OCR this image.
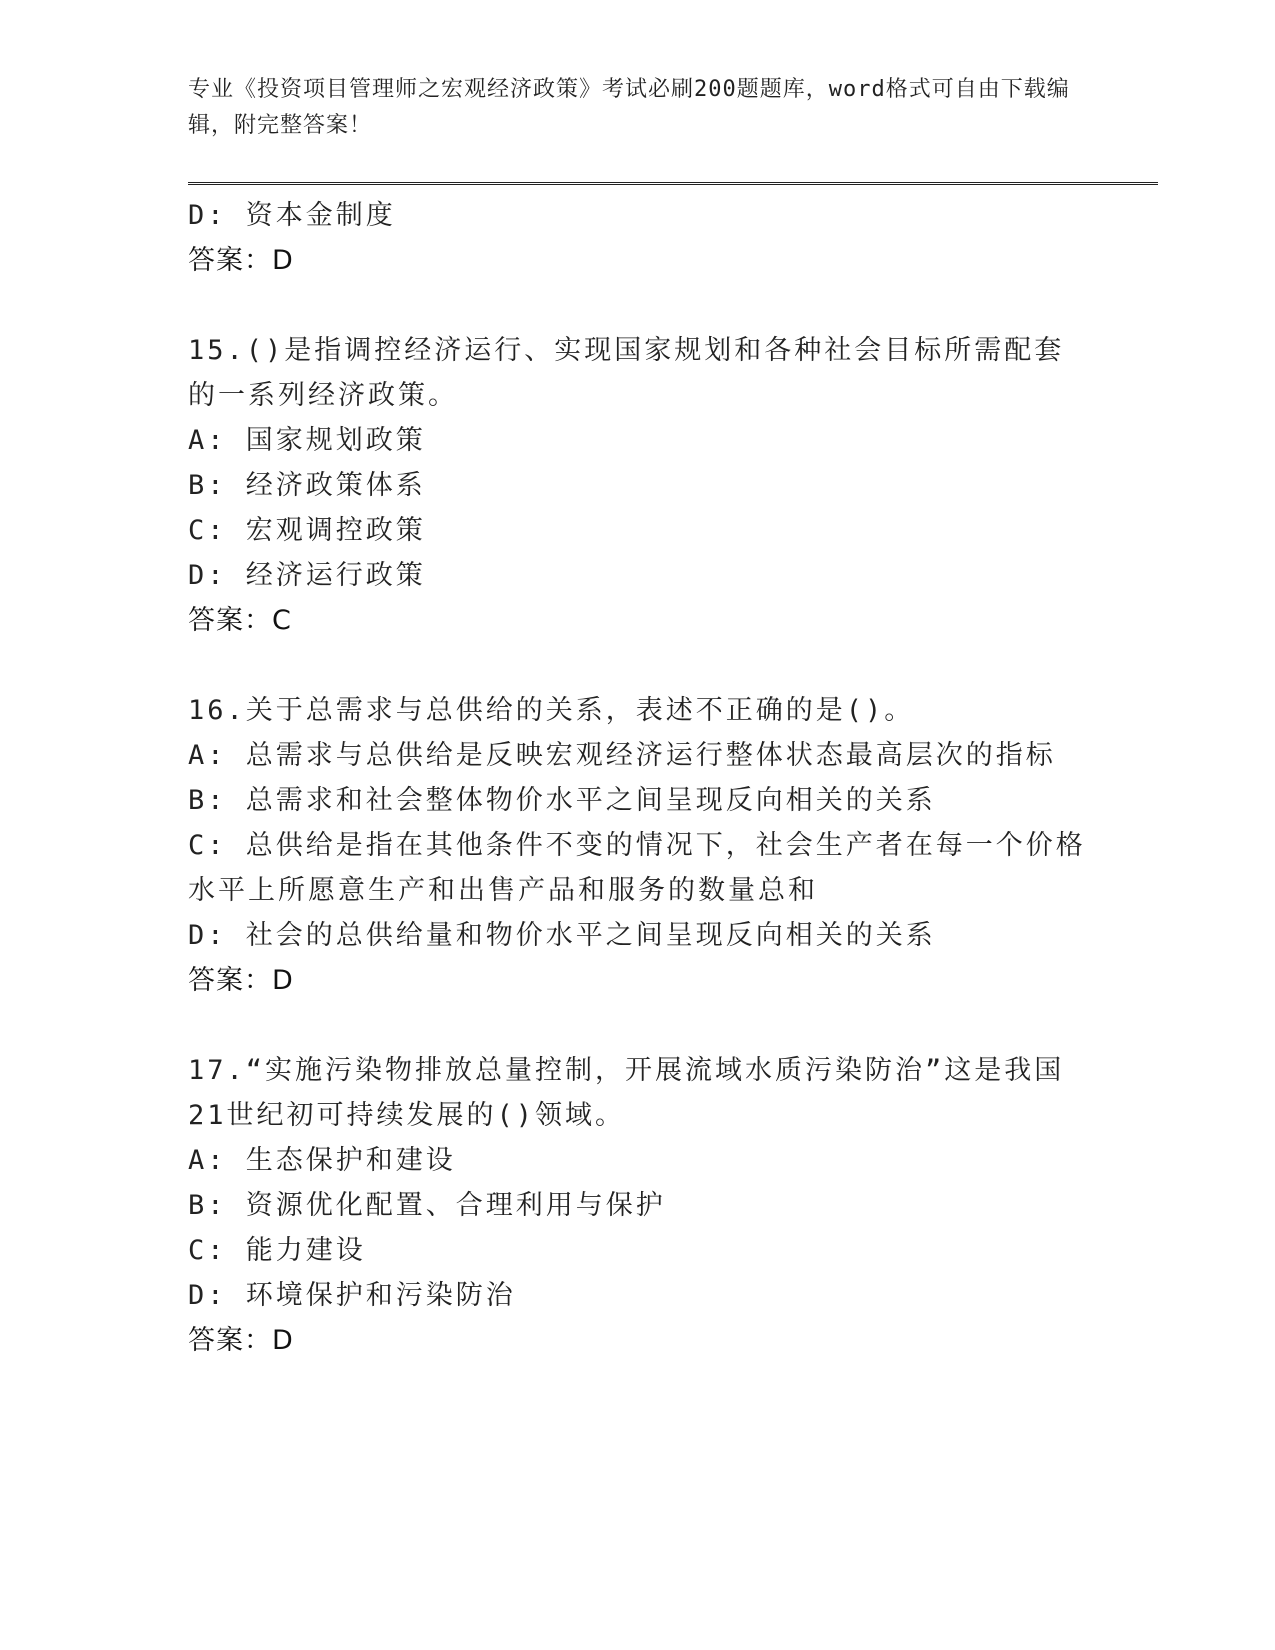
专业《投资项目管理师之宏观经济政策》考试必刷200题题库，word格式可自由下载编辑，附完整答案！
D: 资本金制度
答案：D
15.()是指调控经济运行、实现国家规划和各种社会目标所需配套的一系列经济政策。
A: 国家规划政策
B: 经济政策体系
C: 宏观调控政策
D: 经济运行政策
答案：C
16.关于总需求与总供给的关系，表述不正确的是()。
A: 总需求与总供给是反映宏观经济运行整体状态最高层次的指标
B: 总需求和社会整体物价水平之间呈现反向相关的关系
C: 总供给是指在其他条件不变的情况下，社会生产者在每一个价格水平上所愿意生产和出售产品和服务的数量总和
D: 社会的总供给量和物价水平之间呈现反向相关的关系
答案：D
17.“实施污染物排放总量控制，开展流域水质污染防治”这是我国21世纪初可持续发展的()领域。
A: 生态保护和建设
B: 资源优化配置、合理利用与保护
C: 能力建设
D: 环境保护和污染防治
答案：D
